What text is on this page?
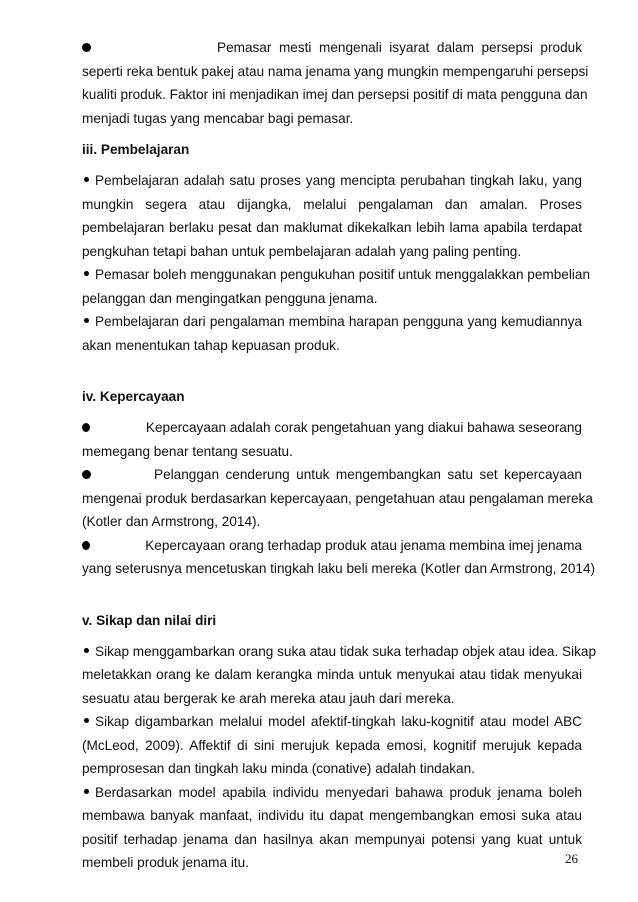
Pemasar mesti mengenali isyarat dalam persepsi produk
seperti reka bentuk pakej atau nama jenama yang mungkin mempengaruhi persepsi
kualiti produk. Faktor ini menjadikan imej dan persepsi positif di mata pengguna dan
menjadi tugas yang mencabar bagi pemasar.
iii. Pembelajaran
Pembelajaran adalah satu proses yang mencipta perubahan tingkah laku, yang
mungkin segera atau dijangka, melalui pengalaman dan amalan. Proses
pembelajaran berlaku pesat dan maklumat dikekalkan lebih lama apabila terdapat
pengkuhan tetapi bahan untuk pembelajaran adalah yang paling penting.
Pemasar boleh menggunakan pengukuhan positif untuk menggalakkan pembelian
pelanggan dan mengingatkan pengguna jenama.
Pembelajaran dari pengalaman membina harapan pengguna yang kemudiannya
akan menentukan tahap kepuasan produk.
iv. Kepercayaan
Kepercayaan adalah corak pengetahuan yang diakui bahawa seseorang
memegang benar tentang sesuatu.
Pelanggan cenderung untuk mengembangkan satu set kepercayaan
mengenai produk berdasarkan kepercayaan, pengetahuan atau pengalaman mereka
(Kotler dan Armstrong, 2014).
Kepercayaan orang terhadap produk atau jenama membina imej jenama
yang seterusnya mencetuskan tingkah laku beli mereka (Kotler dan Armstrong, 2014)
v. Sikap dan nilai diri
Sikap menggambarkan orang suka atau tidak suka terhadap objek atau idea. Sikap
meletakkan orang ke dalam kerangka minda untuk menyukai atau tidak menyukai
sesuatu atau bergerak ke arah mereka atau jauh dari mereka.
Sikap digambarkan melalui model afektif-tingkah laku-kognitif atau model ABC
(McLeod, 2009). Affektif di sini merujuk kepada emosi, kognitif merujuk kepada
pemprosesan dan tingkah laku minda (conative) adalah tindakan.
Berdasarkan model apabila individu menyedari bahawa produk jenama boleh
membawa banyak manfaat, individu itu dapat mengembangkan emosi suka atau
positif terhadap jenama dan hasilnya akan mempunyai potensi yang kuat untuk
membeli produk jenama itu.	26
